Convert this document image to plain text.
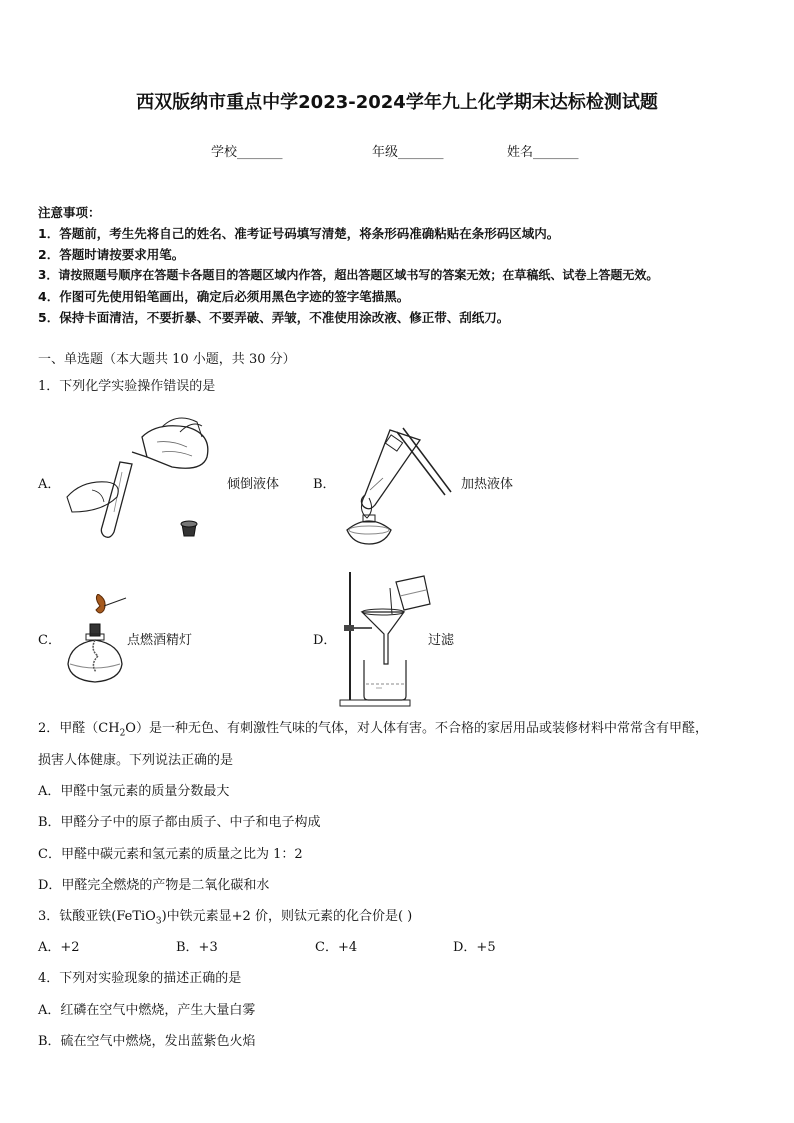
西双版纳市重点中学2023-2024学年九上化学期末达标检测试题
学校_______	年级_______	姓名_______
注意事项：
1．答题前，考生先将自己的姓名、准考证号码填写清楚，将条形码准确粘贴在条形码区域内。
2．答题时请按要求用笔。
3．请按照题号顺序在答题卡各题目的答题区域内作答，超出答题区域书写的答案无效；在草稿纸、试卷上答题无效。
4．作图可先使用铅笔画出，确定后必须用黑色字迹的签字笔描黑。
5．保持卡面清洁，不要折暴、不要弄破、弄皱，不准使用涂改液、修正带、刮纸刀。
一、单选题（本大题共 10 小题，共 30 分）
1．下列化学实验操作错误的是
A．	倾倒液体	B．	加热液体
C．	点燃酒精灯	D．	过滤
2．甲醛$(CH_2O)$是一种无色、有刺激性气味的气体，对人体有害。不合格的家居用品或装修材料中常常含有甲醛，
损害人体健康。下列说法正确的是
A．甲醛中氢元素的质量分数最大
B．甲醛分子中的原子都由质子、中子和电子构成
C．甲醛中碳元素和氢元素的质量之比为 1：2
D．甲醛完全燃烧的产物是二氧化碳和水
3．钛酸亚铁(FeTiO$_3$)中铁元素显+2 价，则钛元素的化合价是( )
A．+2	B．+3	C．+4	D．+5
4．下列对实验现象的描述正确的是
A．红磷在空气中燃烧，产生大量白雾
B．硫在空气中燃烧，发出蓝紫色火焰
